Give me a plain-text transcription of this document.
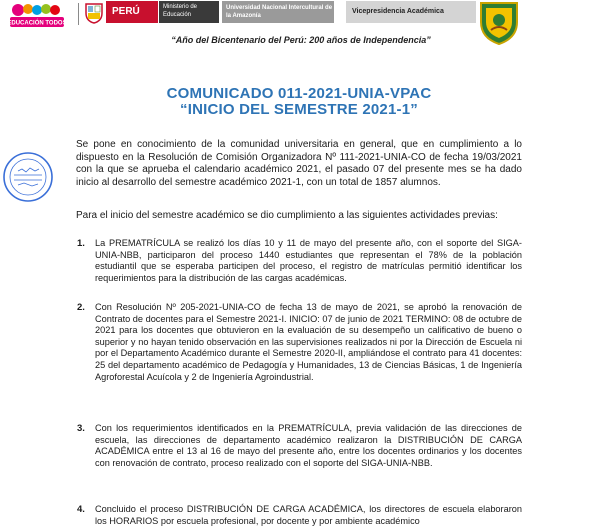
EDUCACIÓN TODOS
PERÚ	Ministerio de Educación
Universidad Nacional Intercultural de la Amazonía
Vicepresidencia Académica
“Año del Bicentenario del Perú: 200 años de Independencia”
COMUNICADO 011-2021-UNIA-VPAC
“INICIO DEL SEMESTRE 2021-1”

Se pone en conocimiento de la comunidad universitaria en general, que en cumplimiento a lo dispuesto en la Resolución de Comisión Organizadora Nº 111-2021-UNIA-CO de fecha 19/03/2021 con la que se aprueba el calendario académico 2021, el pasado 07 del presente mes se ha dado inicio al desarrollo del semestre académico 2021-1, con un total de 1857 alumnos.

Para el inicio del semestre académico se dio cumplimiento a las siguientes actividades previas:

1. La PREMATRÍCULA se realizó los días 10 y 11 de mayo del presente año, con el soporte del SIGA-UNIA-NBB, participaron del proceso 1440 estudiantes que representan el 78% de la población estudiantil que se esperaba participen del proceso, el registro de matrículas permitió identificar los requerimientos para la distribución de las cargas académicas.
2. Con Resolución Nº 205-2021-UNIA-CO de fecha 13 de mayo de 2021, se aprobó la renovación de Contrato de docentes para el Semestre 2021-I. INICIO: 07 de junio de 2021 TERMINO: 08 de octubre de 2021 para los docentes que obtuvieron en la evaluación de su desempeño un calificativo de bueno o superior y no hayan tenido observación en las supervisiones realizados ni por la Dirección de Escuela ni por el Departamento Académico durante el Semestre 2020-II, ampliándose el contrato para 41 docentes: 25 del departamento académico de Pedagogía y Humanidades, 13 de Ciencias Básicas, 1 de Ingeniería Agroforestal Acuícola y 2 de Ingeniería Agroindustrial.
3. Con los requerimientos identificados en la PREMATRÍCULA, previa validación de las direcciones de escuela, las direcciones de departamento académico realizaron la DISTRIBUCIÓN DE CARGA ACADÉMICA entre el 13 al 16 de mayo del presente año, entre los docentes ordinarios y los docentes con renovación de contrato, proceso realizado con el soporte del SIGA-UNIA-NBB.
4. Concluido el proceso DISTRIBUCIÓN DE CARGA ACADÉMICA, los directores de escuela elaboraron los HORARIOS por escuela profesional, por docente y por ambiente académico
